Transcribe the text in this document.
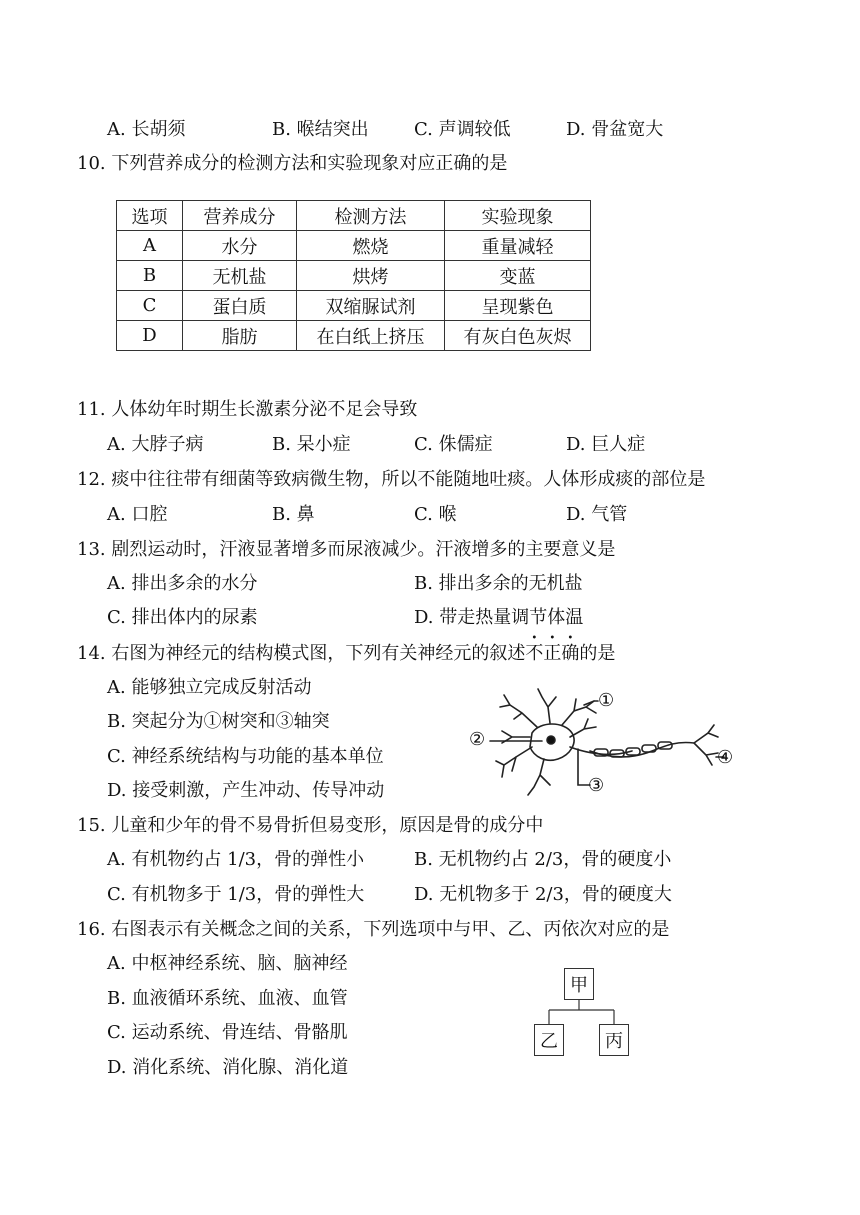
A. 长胡须	B. 喉结突出	C. 声调较低	D. 骨盆宽大
10. 下列营养成分的检测方法和实验现象对应正确的是
选项	营养成分	检测方法	实验现象
A	水分	燃烧	重量减轻
B	无机盐	烘烤	变蓝
C	蛋白质	双缩脲试剂	呈现紫色
D	脂肪	在白纸上挤压	有灰白色灰烬
11. 人体幼年时期生长激素分泌不足会导致
A. 大脖子病	B. 呆小症	C. 侏儒症	D. 巨人症
12. 痰中往往带有细菌等致病微生物，所以不能随地吐痰。人体形成痰的部位是
A. 口腔	B. 鼻	C. 喉	D. 气管
13. 剧烈运动时，汗液显著增多而尿液减少。汗液增多的主要意义是
A. 排出多余的水分	B. 排出多余的无机盐
C. 排出体内的尿素	D. 带走热量调节体温
14. 右图为神经元的结构模式图，下列有关神经元的叙述不正确的是
A. 能够独立完成反射活动
B. 突起分为①树突和③轴突
C. 神经系统结构与功能的基本单位
D. 接受刺激，产生冲动、传导冲动
①
②
③
④
15. 儿童和少年的骨不易骨折但易变形，原因是骨的成分中
A. 有机物约占 1/3，骨的弹性小	B. 无机物约占 2/3，骨的硬度小
C. 有机物多于 1/3，骨的弹性大	D. 无机物多于 2/3，骨的硬度大
16. 右图表示有关概念之间的关系，下列选项中与甲、乙、丙依次对应的是
A. 中枢神经系统、脑、脑神经
B. 血液循环系统、血液、血管
C. 运动系统、骨连结、骨骼肌
D. 消化系统、消化腺、消化道
甲
乙	丙
